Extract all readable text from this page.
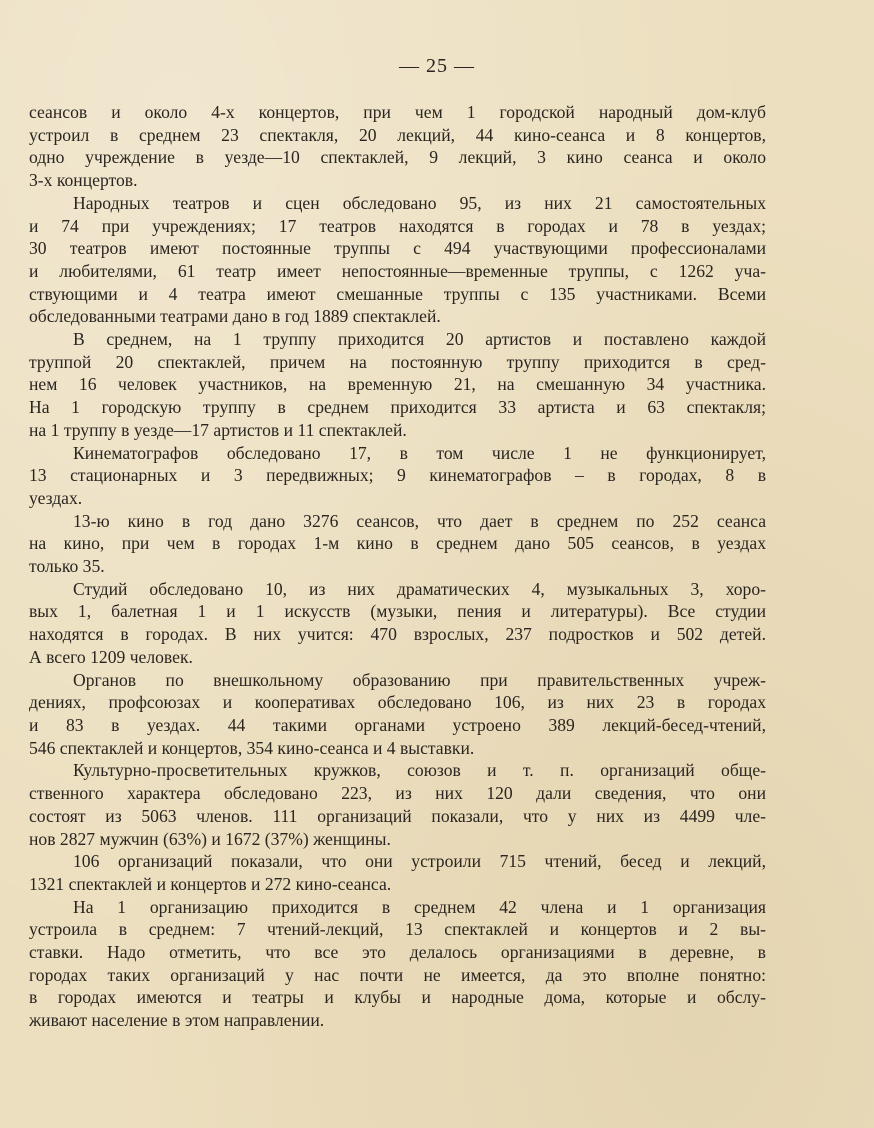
— 25 —

сеансов и около 4-х концертов, при чем 1 городской народный дом-клуб
устроил в среднем 23 спектакля, 20 лекций, 44 кино-сеанса и 8 концертов,
одно учреждение в уезде—10 спектаклей, 9 лекций, 3 кино сеанса и около
3-х концертов.

Народных театров и сцен обследовано 95, из них 21 самостоятельных
и 74 при учреждениях; 17 театров находятся в городах и 78 в уездах;
30 театров имеют постоянные труппы с 494 участвующими профессионалами
и любителями, 61 театр имеет непостоянные—временные труппы, с 1262 уча-
ствующими и 4 театра имеют смешанные труппы с 135 участниками. Всеми
обследованными театрами дано в год 1889 спектаклей.

В среднем, на 1 труппу приходится 20 артистов и поставлено каждой
труппой 20 спектаклей, причем на постоянную труппу приходится в сред-
нем 16 человек участников, на временную 21, на смешанную 34 участника.
На 1 городскую труппу в среднем приходится 33 артиста и 63 спектакля;
на 1 труппу в уезде—17 артистов и 11 спектаклей.

Кинематографов обследовано 17, в том числе 1 не функционирует,
13 стационарных и 3 передвижных; 9 кинематографов – в городах, 8 в
уездах.

13-ю кино в год дано 3276 сеансов, что дает в среднем по 252 сеанса
на кино, при чем в городах 1-м кино в среднем дано 505 сеансов, в уездах
только 35.

Студий обследовано 10, из них драматических 4, музыкальных 3, хоро-
вых 1, балетная 1 и 1 искусств (музыки, пения и литературы). Все студии
находятся в городах. В них учится: 470 взрослых, 237 подростков и 502 детей.
А всего 1209 человек.

Органов по внешкольному образованию при правительственных учреж-
дениях, профсоюзах и кооперативах обследовано 106, из них 23 в городах
и 83 в уездах. 44 такими органами устроено 389 лекций-бесед-чтений,
546 спектаклей и концертов, 354 кино-сеанса и 4 выставки.

Культурно-просветительных кружков, союзов и т. п. организаций обще-
ственного характера обследовано 223, из них 120 дали сведения, что они
состоят из 5063 членов. 111 организаций показали, что у них из 4499 чле-
нов 2827 мужчин (63%) и 1672 (37%) женщины.

106 организаций показали, что они устроили 715 чтений, бесед и лекций,
1321 спектаклей и концертов и 272 кино-сеанса.

На 1 организацию приходится в среднем 42 члена и 1 организация
устроила в среднем: 7 чтений-лекций, 13 спектаклей и концертов и 2 вы-
ставки. Надо отметить, что все это делалось организациями в деревне, в
городах таких организаций у нас почти не имеется, да это вполне понятно:
в городах имеются и театры и клубы и народные дома, которые и обслу-
живают население в этом направлении.
